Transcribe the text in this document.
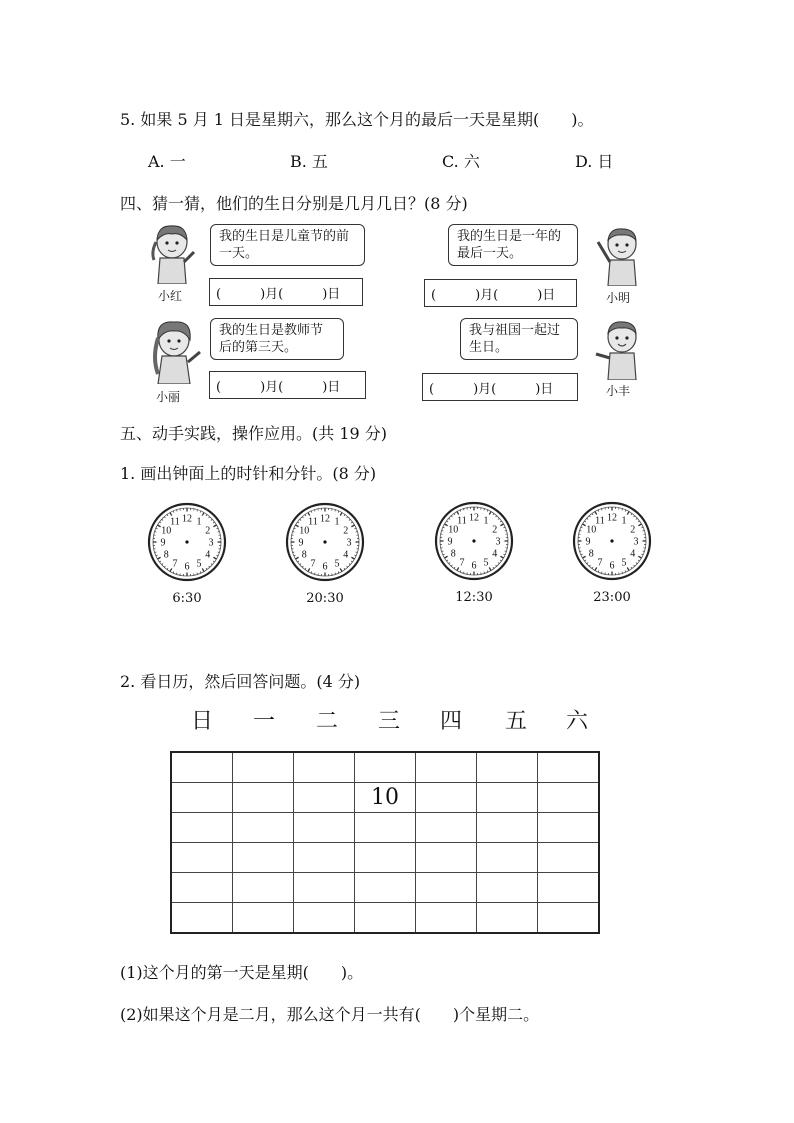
5. 如果 5 月 1 日是星期六，那么这个月的最后一天是星期(　　)。
A. 一	B. 五	C. 六	D. 日
四、猜一猜，他们的生日分别是几月几日？(8 分)
小红
我的生日是儿童节的前一天。
(　　　)月(　　　)日
我的生日是一年的最后一天。
(　　　)月(　　　)日	小明
小丽
我的生日是教师节后的第三天。
(　　　)月(　　　)日
我与祖国一起过生日。
(　　　)月(　　　)日	小丰
五、动手实践，操作应用。(共 19 分)
1. 画出钟面上的时针和分针。(8 分)
12 1
2
3
4
5
6
7
8
9
10
11	12 1
2
3
4
5
6
7
8
9
10
11	12 1
2
3
4
5
6
7
8
9
10
11	12 1
2
3
4
5
6
7
8
9
10
11
6:30	20:30	12:30	23:00
2. 看日历，然后回答问题。(4 分)
日	一	二	三	四	五	六

			10			

(1)这个月的第一天是星期(　　)。
(2)如果这个月是二月，那么这个月一共有(　　)个星期二。
